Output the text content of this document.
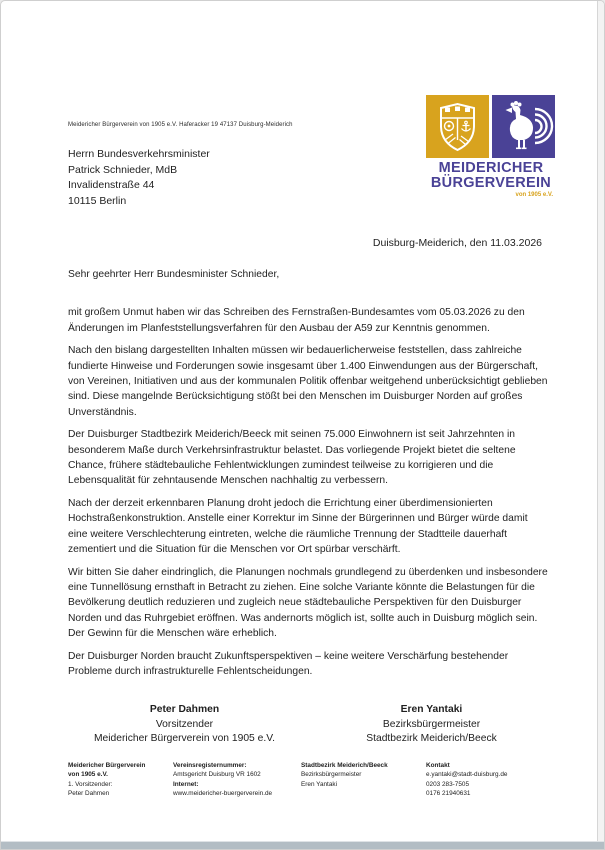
Meidericher Bürgerverein von 1905 e.V. Haferacker 19 47137 Duisburg-Meiderich
Herrn Bundesverkehrsminister
Patrick Schnieder, MdB
Invalidenstraße 44
10115 Berlin
MEIDERICHER
BÜRGERVEREIN
von 1905 e.V.
Duisburg-Meiderich, den 11.03.2026

Sehr geehrter Herr Bundesminister Schnieder,

mit großem Unmut haben wir das Schreiben des Fernstraßen-Bundesamtes vom 05.03.2026 zu den Änderungen im Planfeststellungsverfahren für den Ausbau der A59 zur Kenntnis genommen.

Nach den bislang dargestellten Inhalten müssen wir bedauerlicherweise feststellen, dass zahlreiche fundierte Hinweise und Forderungen sowie insgesamt über 1.400 Einwendungen aus der Bürgerschaft, von Vereinen, Initiativen und aus der kommunalen Politik offenbar weitgehend unberücksichtigt geblieben sind. Diese mangelnde Berücksichtigung stößt bei den Menschen im Duisburger Norden auf großes Unverständnis.

Der Duisburger Stadtbezirk Meiderich/Beeck mit seinen 75.000 Einwohnern ist seit Jahrzehnten in besonderem Maße durch Verkehrsinfrastruktur belastet. Das vorliegende Projekt bietet die seltene Chance, frühere städtebauliche Fehlentwicklungen zumindest teilweise zu korrigieren und die Lebensqualität für zehntausende Menschen nachhaltig zu verbessern.

Nach der derzeit erkennbaren Planung droht jedoch die Errichtung einer überdimensionierten Hochstraßenkonstruktion. Anstelle einer Korrektur im Sinne der Bürgerinnen und Bürger würde damit eine weitere Verschlechterung eintreten, welche die räumliche Trennung der Stadtteile dauerhaft zementiert und die Situation für die Menschen vor Ort spürbar verschärft.

Wir bitten Sie daher eindringlich, die Planungen nochmals grundlegend zu überdenken und insbesondere eine Tunnellösung ernsthaft in Betracht zu ziehen. Eine solche Variante könnte die Belastungen für die Bevölkerung deutlich reduzieren und zugleich neue städtebauliche Perspektiven für den Duisburger Norden und das Ruhrgebiet eröffnen. Was andernorts möglich ist, sollte auch in Duisburg möglich sein. Der Gewinn für die Menschen wäre erheblich.

Der Duisburger Norden braucht Zukunftsperspektiven – keine weitere Verschärfung bestehender Probleme durch infrastrukturelle Fehlentscheidungen.

Peter Dahmen
Vorsitzender
Meidericher Bürgerverein von 1905 e.V.
Eren Yantaki
Bezirksbürgermeister
Stadtbezirk Meiderich/Beeck
Meidericher Bürgerverein
von 1905 e.V.
1. Vorsitzender:
Peter Dahmen
Vereinsregisternummer:
Amtsgericht Duisburg VR 1602
Internet:
www.meidericher-buergerverein.de
Stadtbezirk Meiderich/Beeck
Bezirksbürgermeister
Eren Yantaki
Kontakt
e.yantaki@stadt-duisburg.de
0203 283-7505
0176 21940631
